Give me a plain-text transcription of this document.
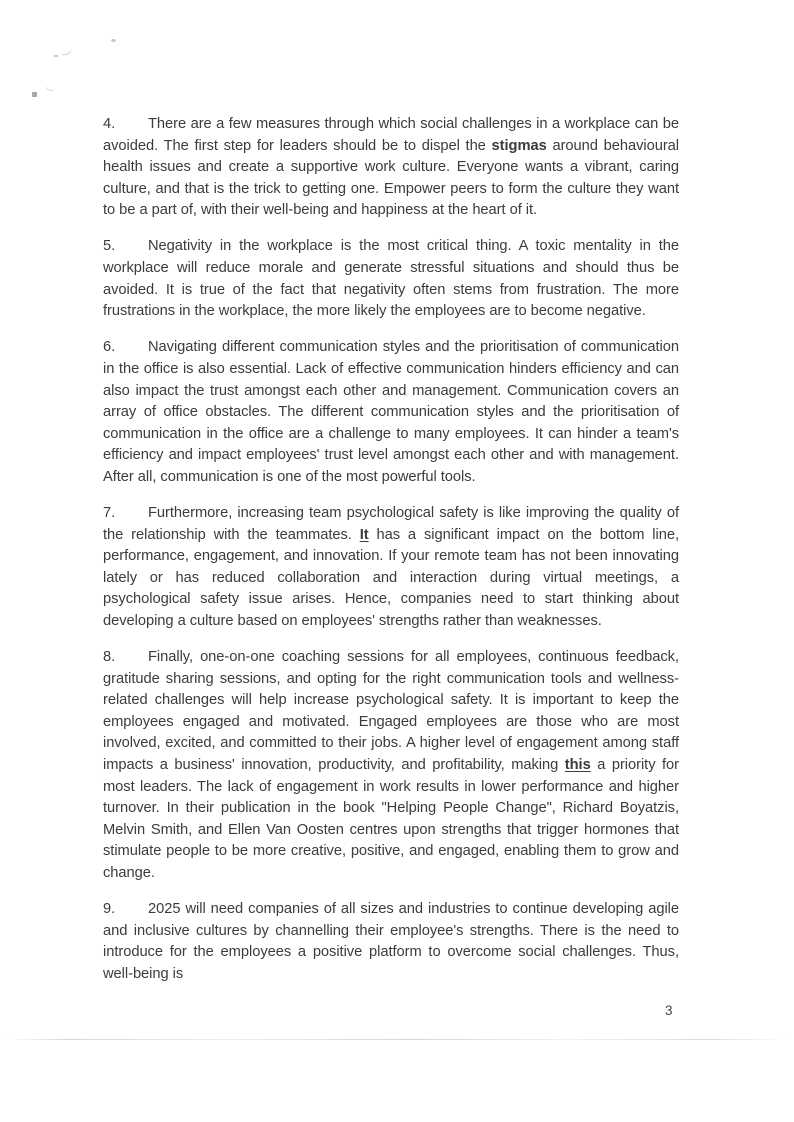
4. There are a few measures through which social challenges in a workplace can be avoided. The first step for leaders should be to dispel the stigmas around behavioural health issues and create a supportive work culture. Everyone wants a vibrant, caring culture, and that is the trick to getting one. Empower peers to form the culture they want to be a part of, with their well-being and happiness at the heart of it.

5. Negativity in the workplace is the most critical thing. A toxic mentality in the workplace will reduce morale and generate stressful situations and should thus be avoided. It is true of the fact that negativity often stems from frustration. The more frustrations in the workplace, the more likely the employees are to become negative.

6. Navigating different communication styles and the prioritisation of communication in the office is also essential. Lack of effective communication hinders efficiency and can also impact the trust amongst each other and management. Communication covers an array of office obstacles. The different communication styles and the prioritisation of communication in the office are a challenge to many employees. It can hinder a team's efficiency and impact employees' trust level amongst each other and with management. After all, communication is one of the most powerful tools.

7. Furthermore, increasing team psychological safety is like improving the quality of the relationship with the teammates. It has a significant impact on the bottom line, performance, engagement, and innovation. If your remote team has not been innovating lately or has reduced collaboration and interaction during virtual meetings, a psychological safety issue arises. Hence, companies need to start thinking about developing a culture based on employees' strengths rather than weaknesses.

8. Finally, one-on-one coaching sessions for all employees, continuous feedback, gratitude sharing sessions, and opting for the right communication tools and wellness-related challenges will help increase psychological safety. It is important to keep the employees engaged and motivated. Engaged employees are those who are most involved, excited, and committed to their jobs. A higher level of engagement among staff impacts a business' innovation, productivity, and profitability, making this a priority for most leaders. The lack of engagement in work results in lower performance and higher turnover. In their publication in the book "Helping People Change", Richard Boyatzis, Melvin Smith, and Ellen Van Oosten centres upon strengths that trigger hormones that stimulate people to be more creative, positive, and engaged, enabling them to grow and change.

9. 2025 will need companies of all sizes and industries to continue developing agile and inclusive cultures by channelling their employee's strengths. There is the need to introduce for the employees a positive platform to overcome social challenges. Thus, well-being is

3
